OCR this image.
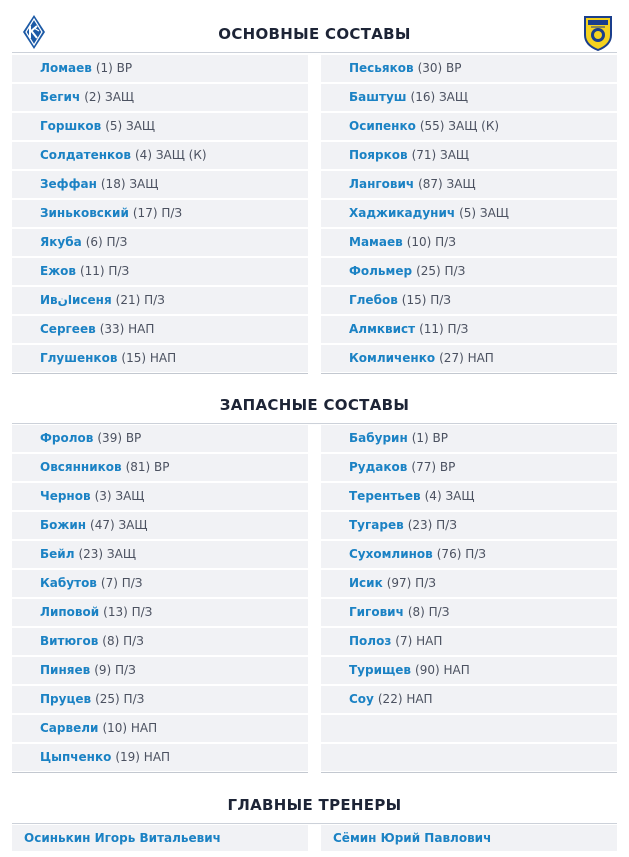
ОСНОВНЫЕ СОСТАВЫ
Ломаев (1) ВР
Бегич (2) ЗАЩ
Горшков (5) ЗАЩ
Солдатенков (4) ЗАЩ (К)
Зеффан (18) ЗАЩ
Зиньковский (17) П/З
Якуба (6) П/З
Ежов (11) П/З
Ивانисеня (21) П/З
Сергеев (33) НАП
Глушенков (15) НАП
Песьяков (30) ВР
Баштуш (16) ЗАЩ
Осипенко (55) ЗАЩ (К)
Поярков (71) ЗАЩ
Лангович (87) ЗАЩ
Хаджикадунич (5) ЗАЩ
Мамаев (10) П/З
Фольмер (25) П/З
Глебов (15) П/З
Алмквист (11) П/З
Комличенко (27) НАП
ЗАПАСНЫЕ СОСТАВЫ
Фролов (39) ВР
Овсянников (81) ВР
Чернов (3) ЗАЩ
Божин (47) ЗАЩ
Бейл (23) ЗАЩ
Кабутов (7) П/З
Липовой (13) П/З
Витюгов (8) П/З
Пиняев (9) П/З
Пруцев (25) П/З
Сарвели (10) НАП
Цыпченко (19) НАП
Бабурин (1) ВР
Рудаков (77) ВР
Терентьев (4) ЗАЩ
Тугарев (23) П/З
Сухомлинов (76) П/З
Исик (97) П/З
Гигович (8) П/З
Полоз (7) НАП
Турищев (90) НАП
Соу (22) НАП
ГЛАВНЫЕ ТРЕНЕРЫ
Осинькин Игорь Витальевич	Сёмин Юрий Павлович
